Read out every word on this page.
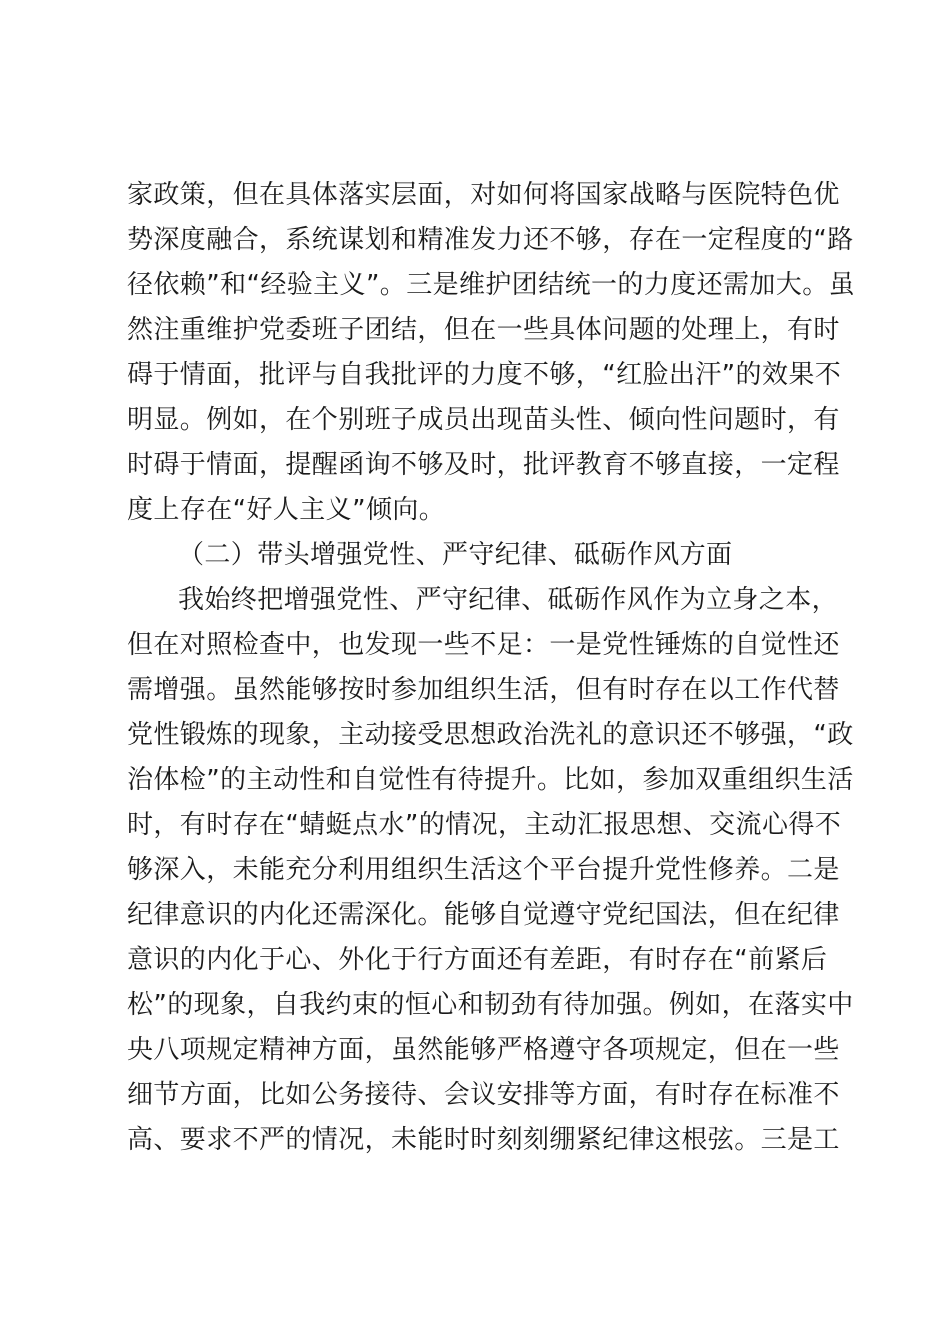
家政策，但在具体落实层面，对如何将国家战略与医院特色优
势深度融合，系统谋划和精准发力还不够，存在一定程度的“路
径依赖”和“经验主义”。三是维护团结统一的力度还需加大。虽
然注重维护党委班子团结，但在一些具体问题的处理上，有时
碍于情面，批评与自我批评的力度不够，“红脸出汗”的效果不
明显。例如，在个别班子成员出现苗头性、倾向性问题时，有
时碍于情面，提醒函询不够及时，批评教育不够直接，一定程
度上存在“好人主义”倾向。
（二）带头增强党性、严守纪律、砥砺作风方面
我始终把增强党性、严守纪律、砥砺作风作为立身之本，
但在对照检查中，也发现一些不足：一是党性锤炼的自觉性还
需增强。虽然能够按时参加组织生活，但有时存在以工作代替
党性锻炼的现象，主动接受思想政治洗礼的意识还不够强，“政
治体检”的主动性和自觉性有待提升。比如，参加双重组织生活
时，有时存在“蜻蜓点水”的情况，主动汇报思想、交流心得不
够深入，未能充分利用组织生活这个平台提升党性修养。二是
纪律意识的内化还需深化。能够自觉遵守党纪国法，但在纪律
意识的内化于心、外化于行方面还有差距，有时存在“前紧后
松”的现象，自我约束的恒心和韧劲有待加强。例如，在落实中
央八项规定精神方面，虽然能够严格遵守各项规定，但在一些
细节方面，比如公务接待、会议安排等方面，有时存在标准不
高、要求不严的情况，未能时时刻刻绷紧纪律这根弦。三是工
